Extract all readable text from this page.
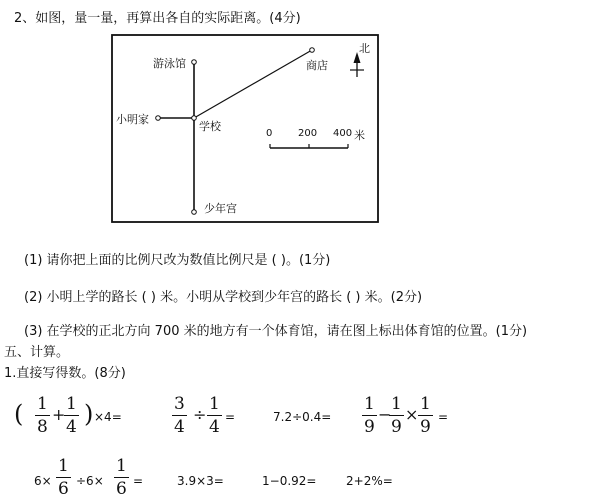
2、如图，量一量，再算出各自的实际距离。(4分)
北
游泳馆	商店
小明家
学校
少年宫
0	200 400 米
(1) 请你把上面的比例尺改为数值比例尺是 ( )。(1分)
(2) 小明上学的路长 ( ) 米。小明从学校到少年宫的路长 ( ) 米。(2分)
(3) 在学校的正北方向 700 米的地方有一个体育馆，请在图上标出体育馆的位置。(1分)
五、计算。
1.直接写得数。(8分)
( 1
8
+
1
4 ) ×4=
3
4
÷
1
4 =	7.2÷0.4=
1
9
−
1
9
×
1
9 =
6×
1
6 ÷6×
1
6 =	3.9×3=	1−0.92= 2+2%=
